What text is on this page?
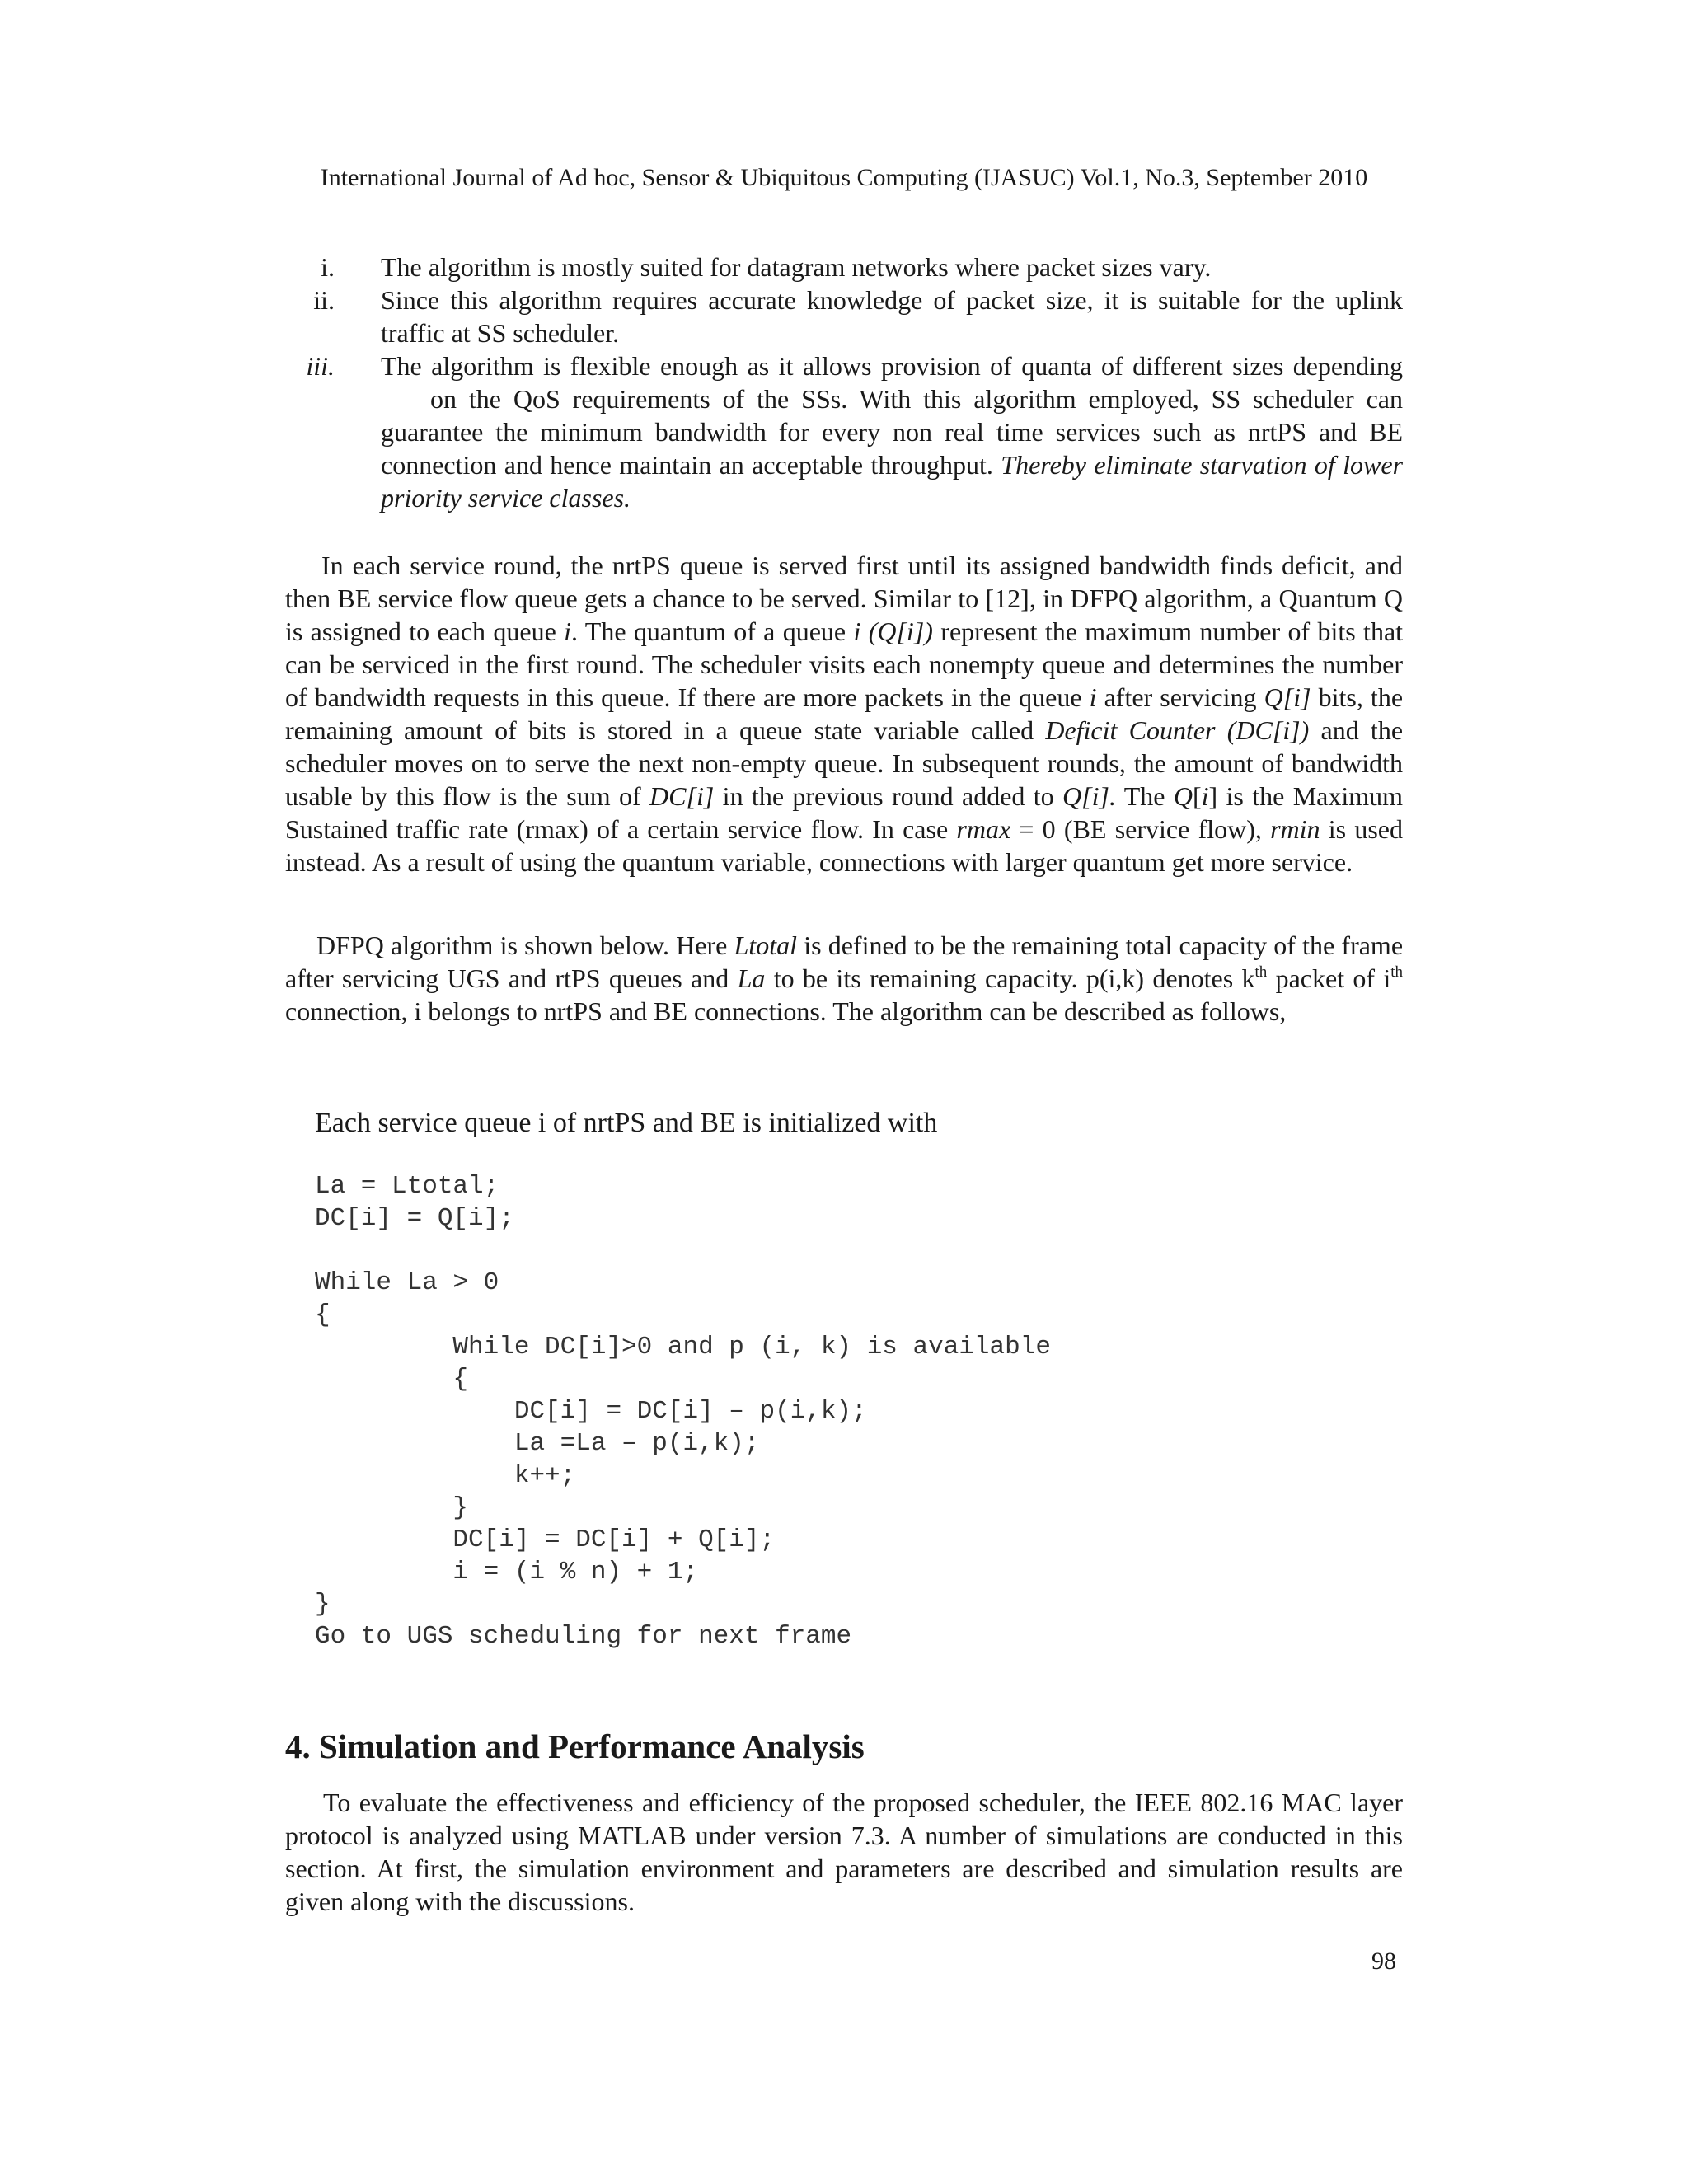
International Journal of Ad hoc, Sensor & Ubiquitous Computing (IJASUC) Vol.1, No.3, September 2010
i. The algorithm is mostly suited for datagram networks where packet sizes vary.
ii. Since this algorithm requires accurate knowledge of packet size, it is suitable for the uplink traffic at SS scheduler.
iii. The algorithm is flexible enough as it allows provision of quanta of different sizes dependingon the QoS requirements of the SSs. With this algorithm employed, SS scheduler can guarantee the minimum bandwidth for every non real time services such as nrtPS and BE connection and hence maintain an acceptable throughput. Thereby eliminate starvation of lower priority service classes.
In each service round, the nrtPS queue is served first until its assigned bandwidth finds deficit, and then BE service flow queue gets a chance to be served. Similar to [12], in DFPQ algorithm, a Quantum Q is assigned to each queue i. The quantum of a queue i (Q[i]) represent the maximum number of bits that can be serviced in the first round. The scheduler visits each nonempty queue and determines the number of bandwidth requests in this queue. If there are more packets in the queue i after servicing Q[i] bits, the remaining amount of bits is stored in a queue state variable called Deficit Counter (DC[i]) and the scheduler moves on to serve the next non-empty queue. In subsequent rounds, the amount of bandwidth usable by this flow is the sum of DC[i] in the previous round added to Q[i]. The Q[i] is the Maximum Sustained traffic rate (rmax) of a certain service flow. In case rmax = 0 (BE service flow), rmin is used instead. As a result of using the quantum variable, connections with larger quantum get more service.
DFPQ algorithm is shown below. Here Ltotal is defined to be the remaining total capacity of the frame after servicing UGS and rtPS queues and La to be its remaining capacity. p(i,k) denotes $k^{th}$ packet of $i^{th}$ connection, i belongs to nrtPS and BE connections. The algorithm can be described as follows,
Each service queue i of nrtPS and BE is initialized with
La = Ltotal;
DC[i] = Q[i];

While La > 0
{
While DC[i]>0 and p (i, k) is available
{
DC[i] = DC[i] – p(i,k);
La =La – p(i,k);
k++;
}
DC[i] = DC[i] + Q[i];
i = (i % n) + 1;
}
Go to UGS scheduling for next frame
4. Simulation and Performance Analysis
To evaluate the effectiveness and efficiency of the proposed scheduler, the IEEE 802.16 MAC layer protocol is analyzed using MATLAB under version 7.3. A number of simulations are conducted in this section. At first, the simulation environment and parameters are described and simulation results are given along with the discussions.
98
